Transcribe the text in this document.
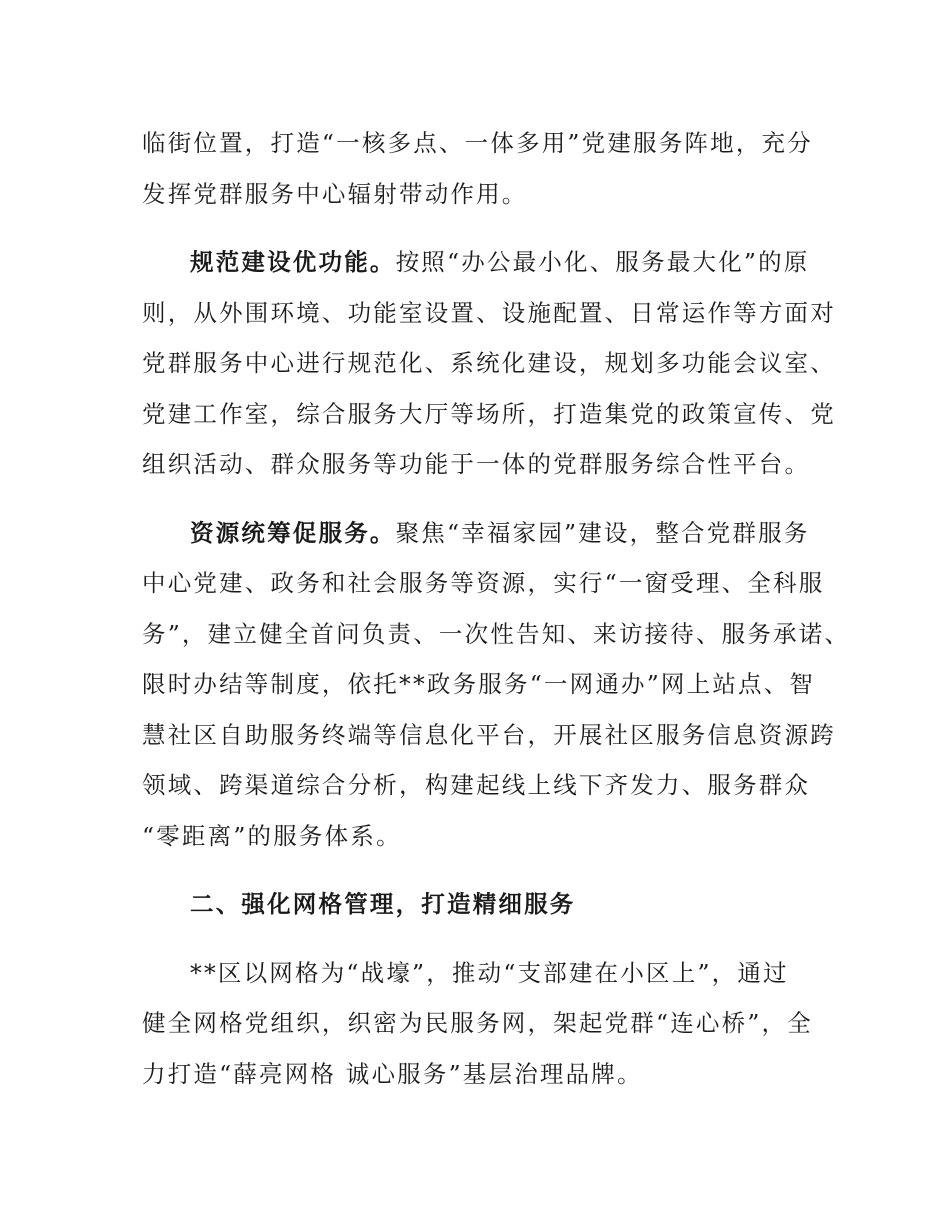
临街位置，打造“一核多点、一体多用”党建服务阵地，充分
发挥党群服务中心辐射带动作用。
规范建设优功能。按照“办公最小化、服务最大化”的原
则，从外围环境、功能室设置、设施配置、日常运作等方面对
党群服务中心进行规范化、系统化建设，规划多功能会议室、
党建工作室，综合服务大厅等场所，打造集党的政策宣传、党
组织活动、群众服务等功能于一体的党群服务综合性平台。
资源统筹促服务。聚焦“幸福家园”建设，整合党群服务
中心党建、政务和社会服务等资源，实行“一窗受理、全科服
务”，建立健全首问负责、一次性告知、来访接待、服务承诺、
限时办结等制度，依托**政务服务“一网通办”网上站点、智
慧社区自助服务终端等信息化平台，开展社区服务信息资源跨
领域、跨渠道综合分析，构建起线上线下齐发力、服务群众
“零距离”的服务体系。
二、强化网格管理，打造精细服务
**区以网格为“战壕”，推动“支部建在小区上”，通过
健全网格党组织，织密为民服务网，架起党群“连心桥”，全
力打造“薛亮网格 诚心服务”基层治理品牌。
